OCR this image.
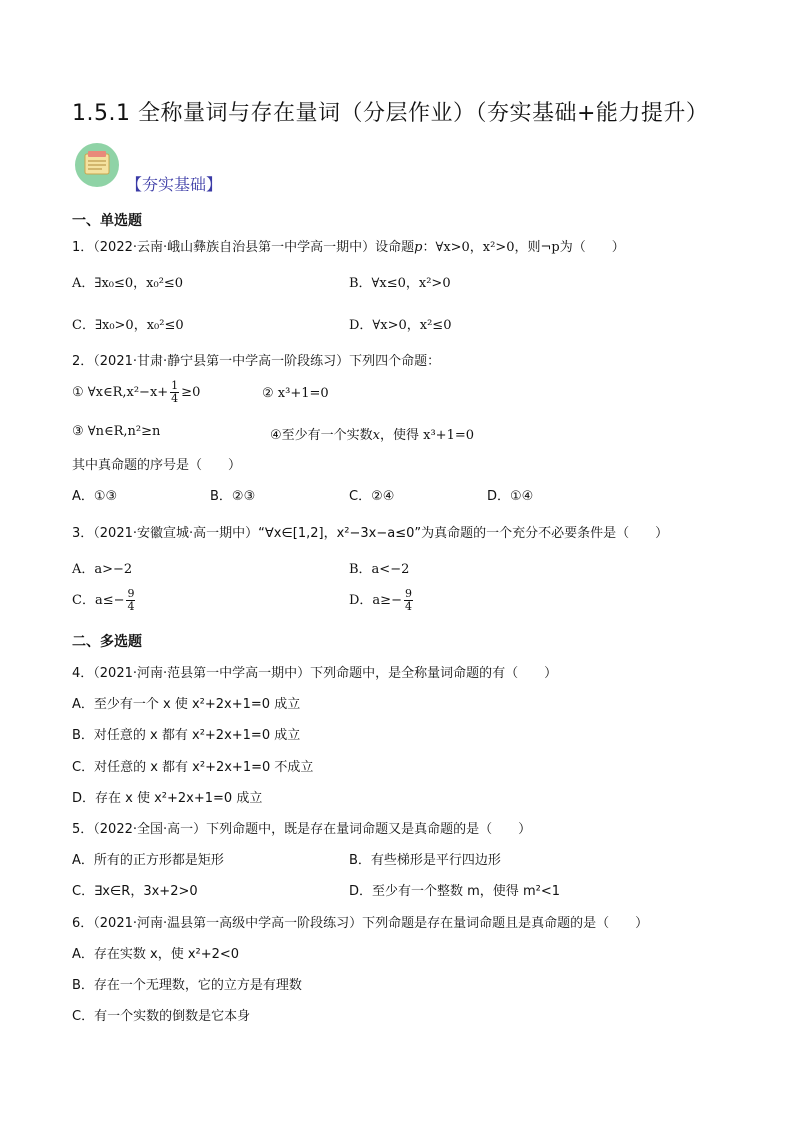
1.5.1 全称量词与存在量词（分层作业）（夯实基础+能力提升）
【夯实基础】
一、单选题
1．（2022·云南·峨山彝族自治县第一中学高一期中）设命题p：∀x>0，x²>0，则¬p为（　　）
A．∃x₀≤0，x₀²≤0	B．∀x≤0，x²>0
C．∃x₀>0，x₀²≤0	D．∀x>0，x²≤0
2．（2021·甘肃·静宁县第一中学高一阶段练习）下列四个命题：
① ∀x∈R,x²−x+ $\frac{1}{4} \ge 0$	② x³+1=0
③ ∀n∈R,n²≥n	④至少有一个实数x，使得 x³+1=0
其中真命题的序号是（　　）
A．①③	B．②③	C．②④	D．①④
3．（2021·安徽宣城·高一期中）“∀x∈[1,2]，x²−3x−a≤0”为真命题的一个充分不必要条件是（　　）
A．a>−2	B．a<−2
C．$a\le- \frac{9}{4}$	D．$a\ge- \frac{9}{4}$
二、多选题
4．（2021·河南·范县第一中学高一期中）下列命题中，是全称量词命题的有（　　）
A．至少有一个 x 使 x²+2x+1=0 成立
B．对任意的 x 都有 x²+2x+1=0 成立
C．对任意的 x 都有 x²+2x+1=0 不成立
D．存在 x 使 x²+2x+1=0 成立
5．（2022·全国·高一）下列命题中，既是存在量词命题又是真命题的是（　　）
A．所有的正方形都是矩形	B．有些梯形是平行四边形
C．∃x∈R，3x+2>0	D．至少有一个整数 m，使得 m²<1
6．（2021·河南·温县第一高级中学高一阶段练习）下列命题是存在量词命题且是真命题的是（　　）
A．存在实数 x，使 x²+2<0
B．存在一个无理数，它的立方是有理数
C．有一个实数的倒数是它本身
